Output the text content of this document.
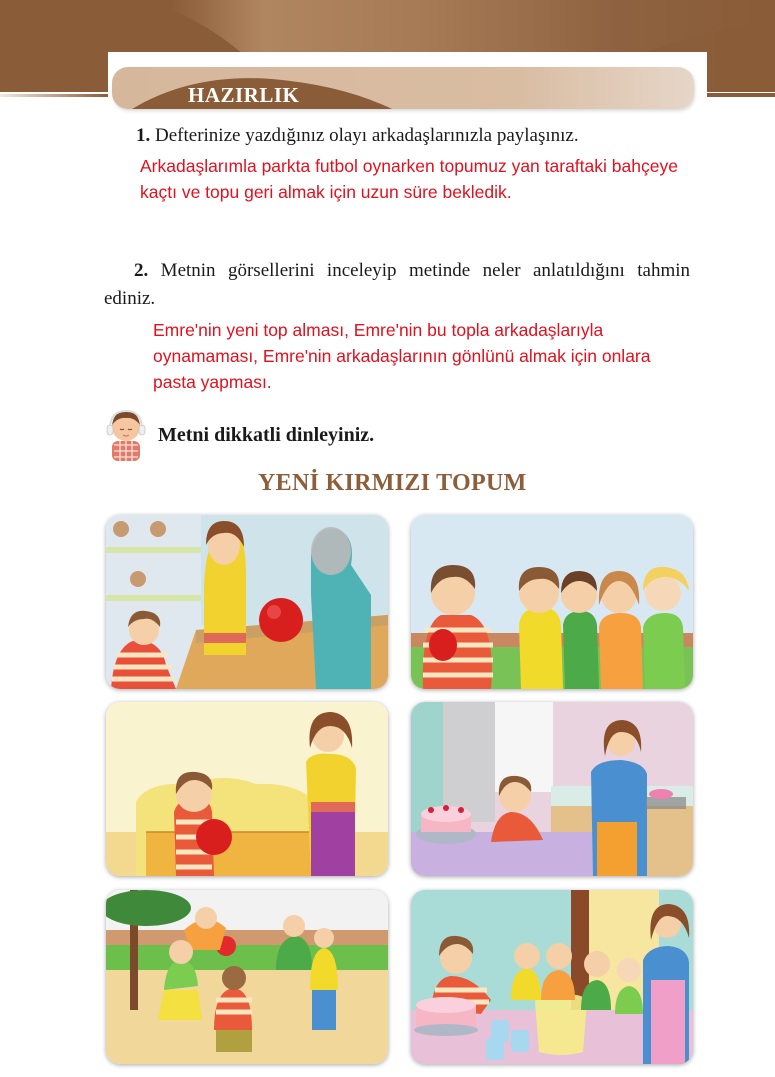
HAZIRLIK
1. Defterinize yazdığınız olayı arkadaşlarınızla paylaşınız.
Arkadaşlarımla parkta futbol oynarken topumuz yan taraftaki bahçeye kaçtı ve topu geri almak için uzun süre bekledik.
2. Metnin görsellerini inceleyip metinde neler anlatıldığını tahmin ediniz.
Emre'nin yeni top alması, Emre'nin bu topla arkadaşlarıyla oynamaması, Emre'nin arkadaşlarının gönlünü almak için onlara pasta yapması.
Metni dikkatli dinleyiniz.
YENİ KIRMIZI TOPUM
